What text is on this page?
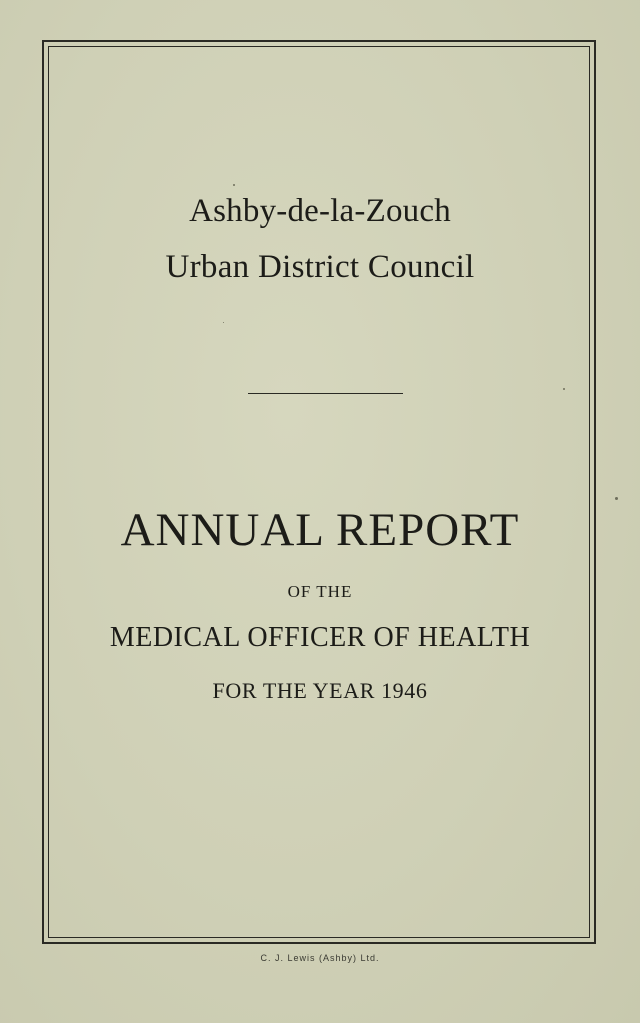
Ashby-de-la-Zouch
Urban District Council
ANNUAL REPORT
OF THE
MEDICAL OFFICER OF HEALTH
FOR THE YEAR 1946
C. J. Lewis (Ashby) Ltd.
